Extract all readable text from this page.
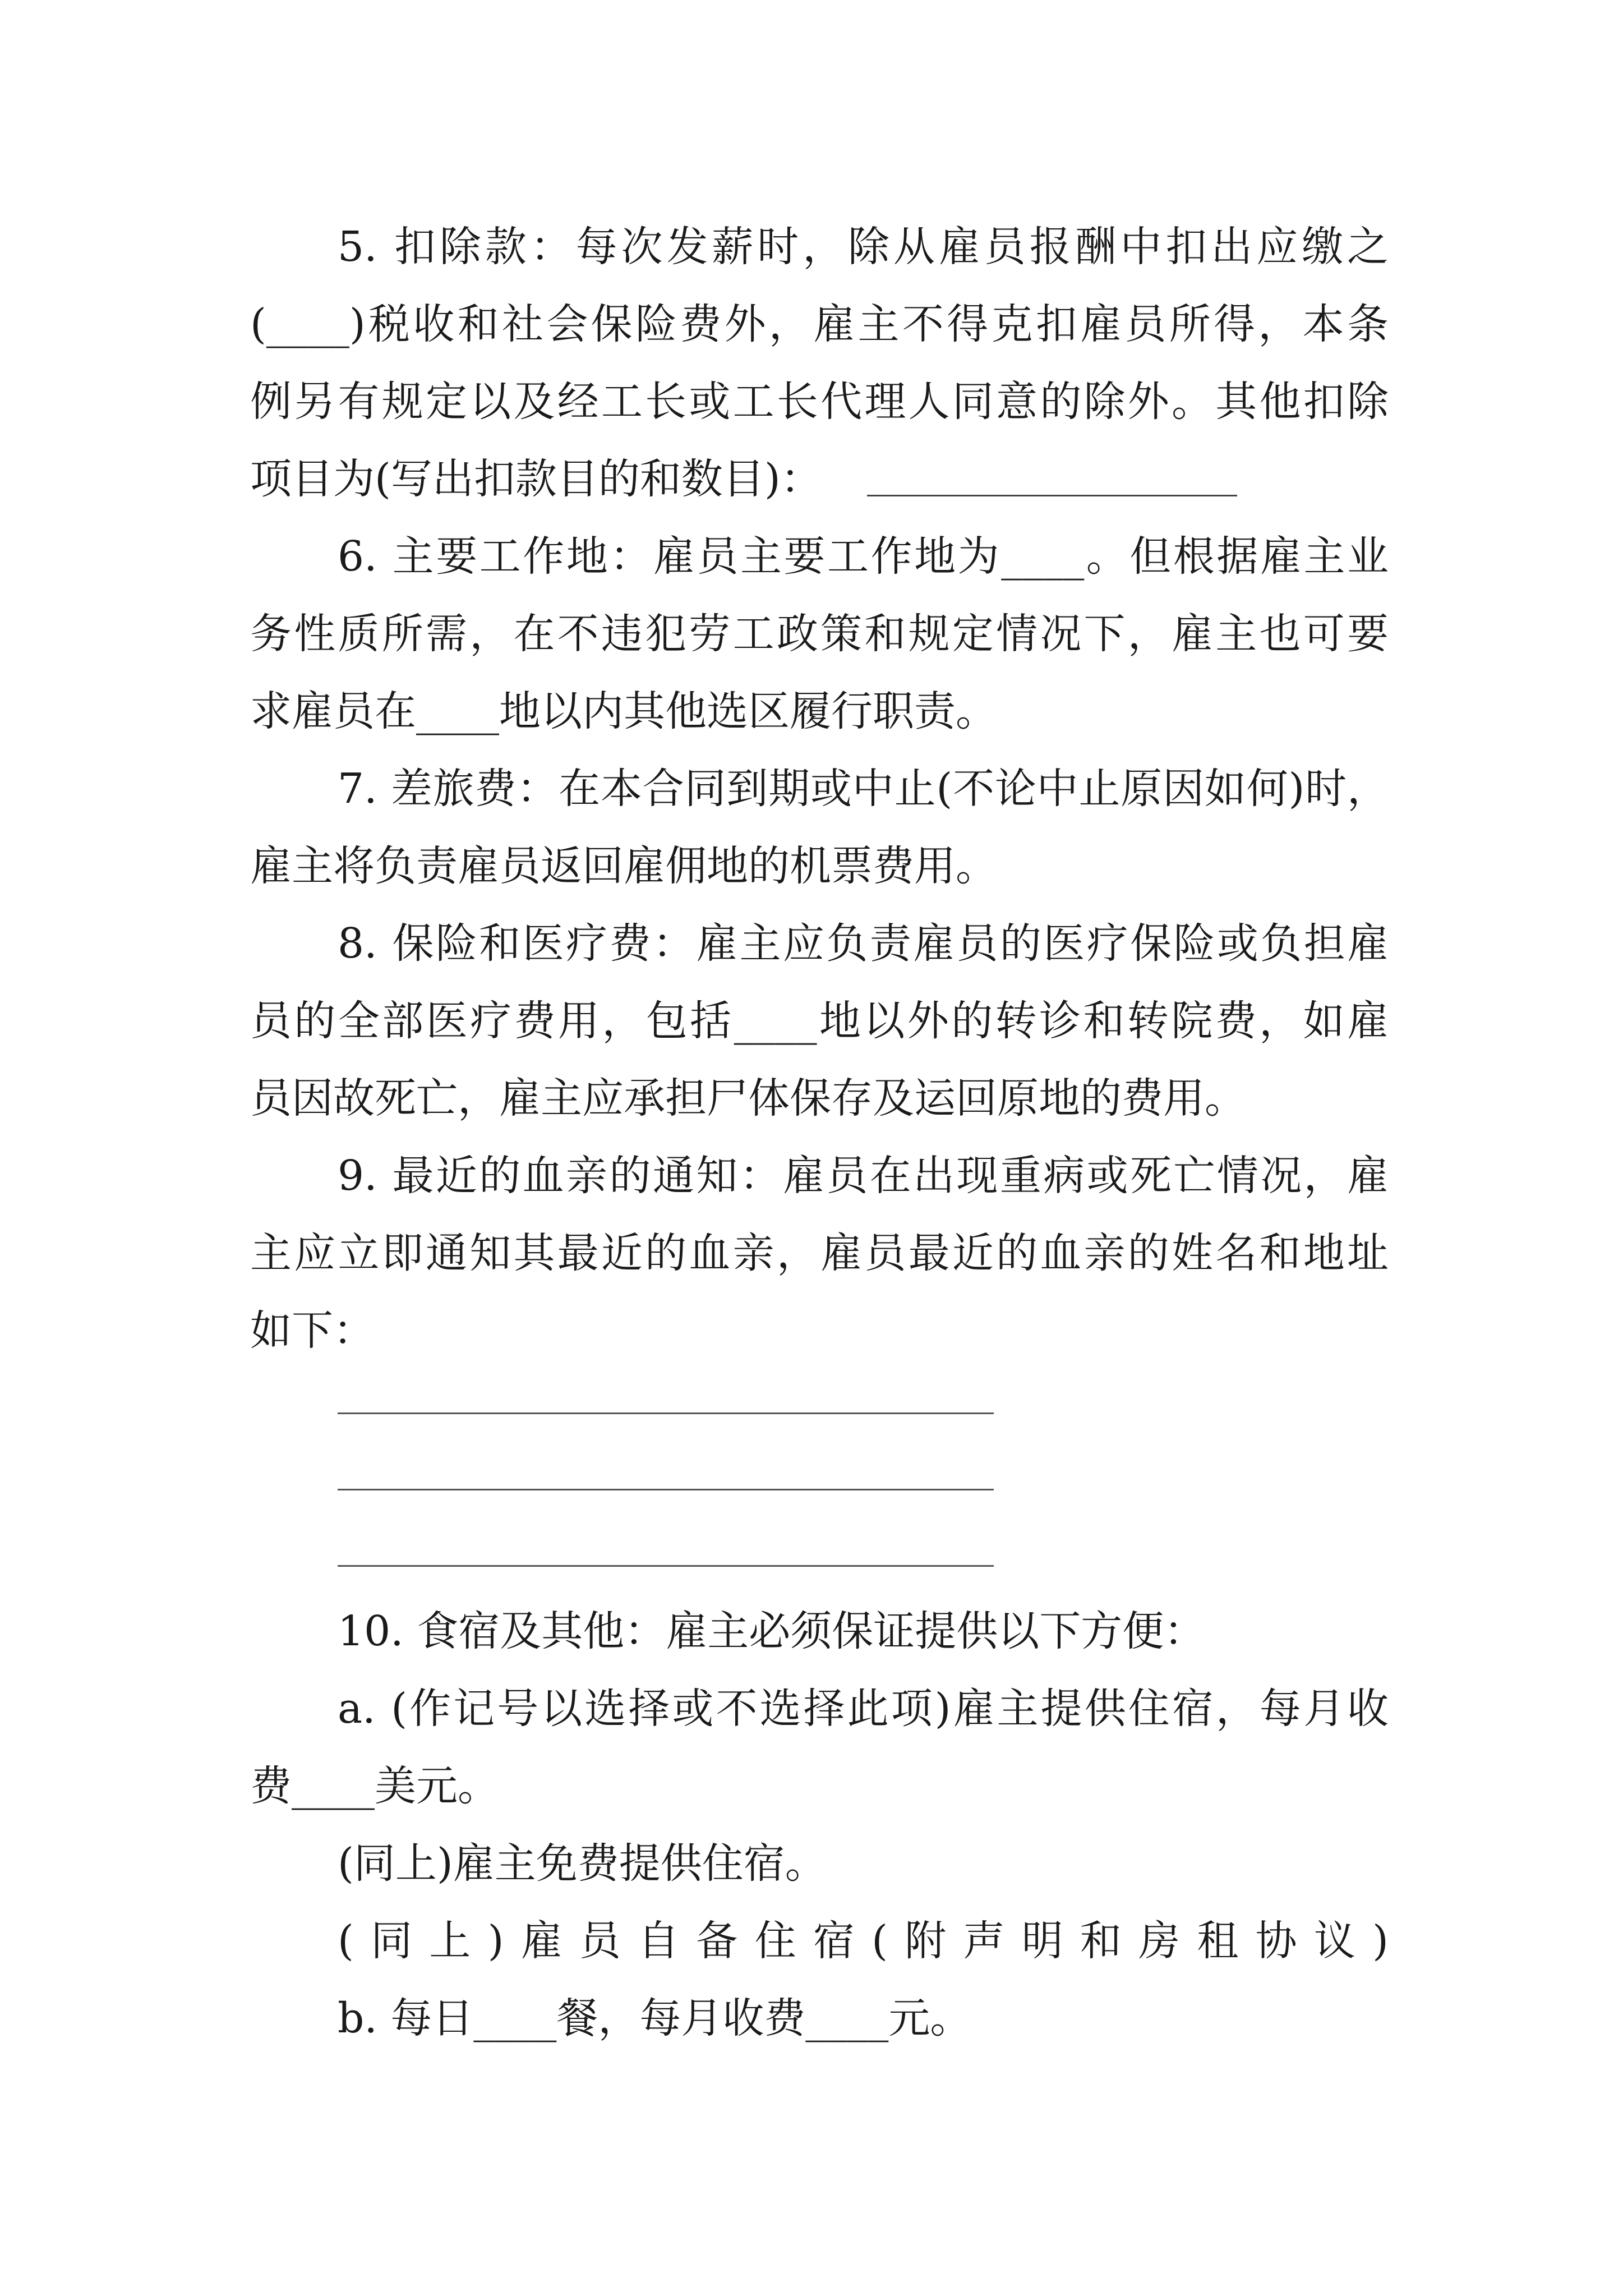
5. 扣除款：每次发薪时，除从雇员报酬中扣出应缴之
(____)税收和社会保险费外，雇主不得克扣雇员所得，本条
例另有规定以及经工长或工长代理人同意的除外。其他扣除
项目为(写出扣款目的和数目)：
6. 主要工作地：雇员主要工作地为____。但根据雇主业
务性质所需，在不违犯劳工政策和规定情况下，雇主也可要
求雇员在____地以内其他选区履行职责。
7. 差旅费：在本合同到期或中止(不论中止原因如何)时，
雇主将负责雇员返回雇佣地的机票费用。
8. 保险和医疗费：雇主应负责雇员的医疗保险或负担雇
员的全部医疗费用，包括____地以外的转诊和转院费，如雇
员因故死亡，雇主应承担尸体保存及运回原地的费用。
9. 最近的血亲的通知：雇员在出现重病或死亡情况，雇
主应立即通知其最近的血亲，雇员最近的血亲的姓名和地址
如下：
10. 食宿及其他：雇主必须保证提供以下方便：
a. (作记号以选择或不选择此项)雇主提供住宿，每月收
费____美元。
(同上)雇主免费提供住宿。
(同上)雇员自备住宿(附声明和房租协议)
b. 每日____餐，每月收费____元。
